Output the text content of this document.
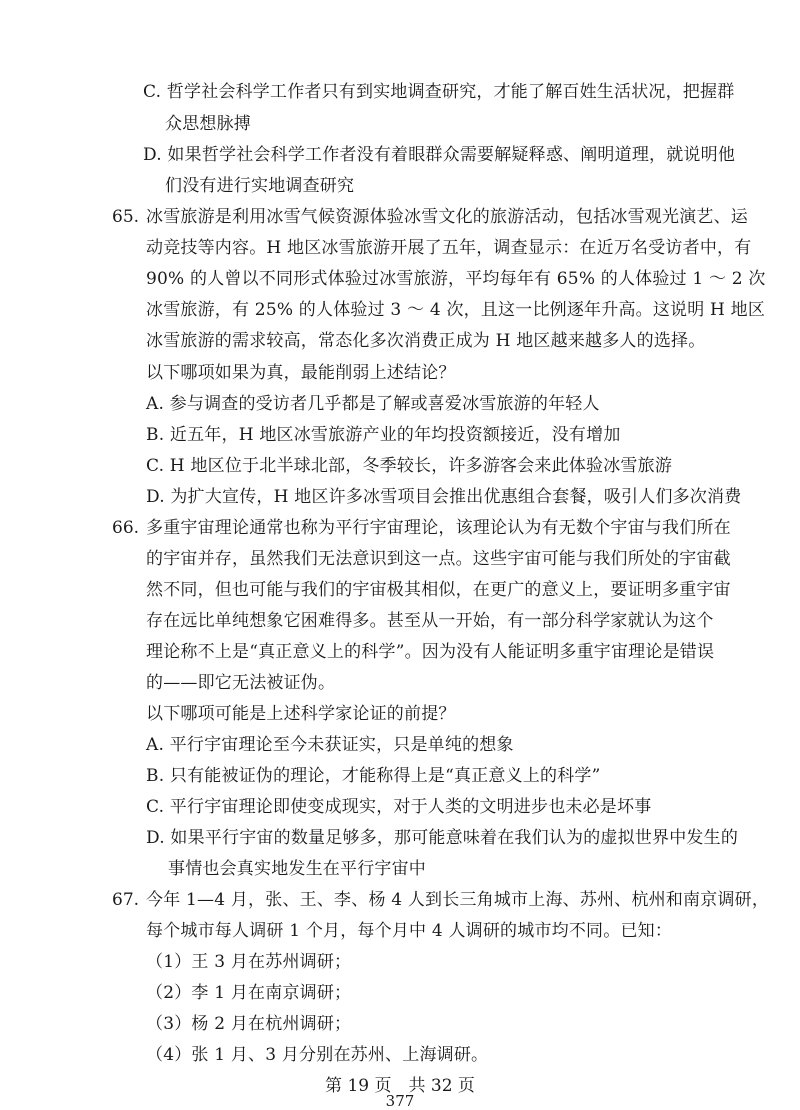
C. 哲学社会科学工作者只有到实地调查研究，才能了解百姓生活状况，把握群
众思想脉搏
D. 如果哲学社会科学工作者没有着眼群众需要解疑释惑、阐明道理，就说明他
们没有进行实地调查研究
65. 冰雪旅游是利用冰雪气候资源体验冰雪文化的旅游活动，包括冰雪观光演艺、运
动竞技等内容。H 地区冰雪旅游开展了五年，调查显示：在近万名受访者中，有
90% 的人曾以不同形式体验过冰雪旅游，平均每年有 65% 的人体验过 1 ～ 2 次
冰雪旅游，有 25% 的人体验过 3 ～ 4 次，且这一比例逐年升高。这说明 H 地区
冰雪旅游的需求较高，常态化多次消费正成为 H 地区越来越多人的选择。
以下哪项如果为真，最能削弱上述结论？
A. 参与调查的受访者几乎都是了解或喜爱冰雪旅游的年轻人
B. 近五年，H 地区冰雪旅游产业的年均投资额接近，没有增加
C. H 地区位于北半球北部，冬季较长，许多游客会来此体验冰雪旅游
D. 为扩大宣传，H 地区许多冰雪项目会推出优惠组合套餐，吸引人们多次消费
66. 多重宇宙理论通常也称为平行宇宙理论，该理论认为有无数个宇宙与我们所在
的宇宙并存，虽然我们无法意识到这一点。这些宇宙可能与我们所处的宇宙截
然不同，但也可能与我们的宇宙极其相似，在更广的意义上，要证明多重宇宙
存在远比单纯想象它困难得多。甚至从一开始，有一部分科学家就认为这个
理论称不上是“真正意义上的科学”。因为没有人能证明多重宇宙理论是错误
的——即它无法被证伪。
以下哪项可能是上述科学家论证的前提？
A. 平行宇宙理论至今未获证实，只是单纯的想象
B. 只有能被证伪的理论，才能称得上是“真正意义上的科学”
C. 平行宇宙理论即使变成现实，对于人类的文明进步也未必是坏事
D. 如果平行宇宙的数量足够多，那可能意味着在我们认为的虚拟世界中发生的
事情也会真实地发生在平行宇宙中
67. 今年 1—4 月，张、王、李、杨 4 人到长三角城市上海、苏州、杭州和南京调研，
每个城市每人调研 1 个月，每个月中 4 人调研的城市均不同。已知：
（1）王 3 月在苏州调研；
（2）李 1 月在南京调研；
（3）杨 2 月在杭州调研；
（4）张 1 月、3 月分别在苏州、上海调研。
第 19 页　共 32 页
377
